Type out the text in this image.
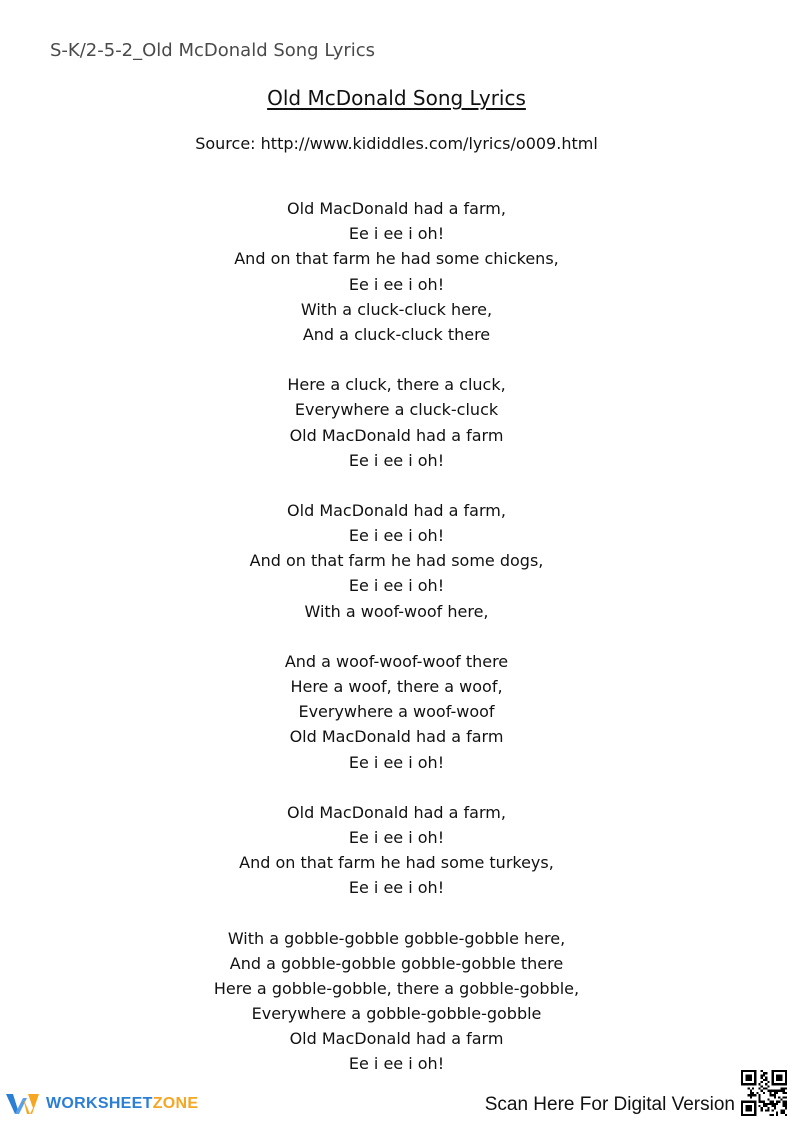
S-K/2-5-2_Old McDonald Song Lyrics
Old McDonald Song Lyrics
Source: http://www.kididdles.com/lyrics/o009.html
Old MacDonald had a farm,
Ee i ee i oh!
And on that farm he had some chickens,
Ee i ee i oh!
With a cluck-cluck here,
And a cluck-cluck there
Here a cluck, there a cluck,
Everywhere a cluck-cluck
Old MacDonald had a farm
Ee i ee i oh!
Old MacDonald had a farm,
Ee i ee i oh!
And on that farm he had some dogs,
Ee i ee i oh!
With a woof-woof here,
And a woof-woof-woof there
Here a woof, there a woof,
Everywhere a woof-woof
Old MacDonald had a farm
Ee i ee i oh!
Old MacDonald had a farm,
Ee i ee i oh!
And on that farm he had some turkeys,
Ee i ee i oh!
With a gobble-gobble gobble-gobble here,
And a gobble-gobble gobble-gobble there
Here a gobble-gobble, there a gobble-gobble,
Everywhere a gobble-gobble-gobble
Old MacDonald had a farm
Ee i ee i oh!
WORKSHEETZONE	Scan Here For Digital Version
